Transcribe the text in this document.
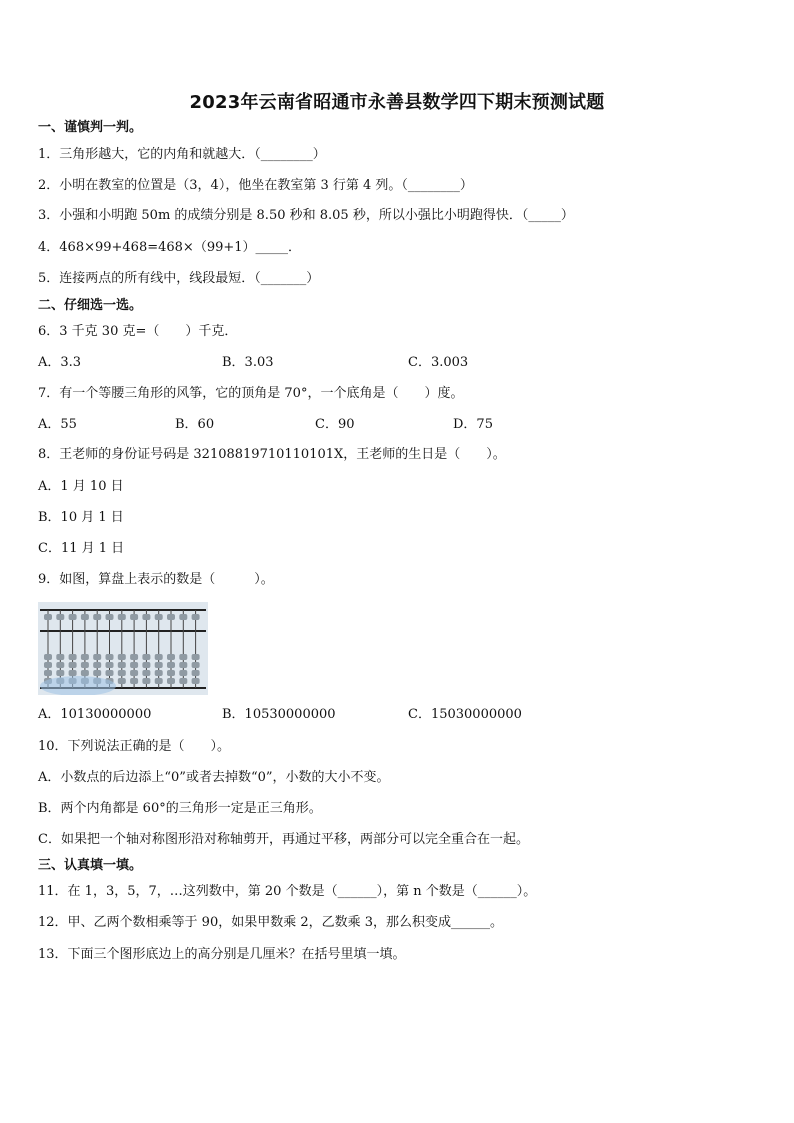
2023年云南省昭通市永善县数学四下期末预测试题
一、谨慎判一判。
1．三角形越大，它的内角和就越大．（________）
2．小明在教室的位置是（3，4），他坐在教室第 3 行第 4 列。（________）
3．小强和小明跑 50m 的成绩分别是 8.50 秒和 8.05 秒，所以小强比小明跑得快．（_____）
4．468×99+468=468×（99+1）_____．
5．连接两点的所有线中，线段最短．（_______）
二、仔细选一选。
6．3 千克 30 克=（　　）千克．
A．3.3	B．3.03	C．3.003
7．有一个等腰三角形的风筝，它的顶角是 70°，一个底角是（　　）度。
A．55	B．60	C．90	D．75
8．王老师的身份证号码是 32108819710110101X，王老师的生日是（　　）。
A．1 月 10 日
B．10 月 1 日
C．11 月 1 日
9．如图，算盘上表示的数是（　　　）。
A．10130000000	B．10530000000	C．15030000000
10．下列说法正确的是（　　）。
A．小数点的后边添上“0”或者去掉数“0”，小数的大小不变。
B．两个内角都是 60°的三角形一定是正三角形。
C．如果把一个轴对称图形沿对称轴剪开，再通过平移，两部分可以完全重合在一起。
三、认真填一填。
11．在 1，3，5，7，…这列数中，第 20 个数是（______），第 n 个数是（______）。
12．甲、乙两个数相乘等于 90，如果甲数乘 2，乙数乘 3，那么积变成______。
13．下面三个图形底边上的高分别是几厘米？在括号里填一填。
